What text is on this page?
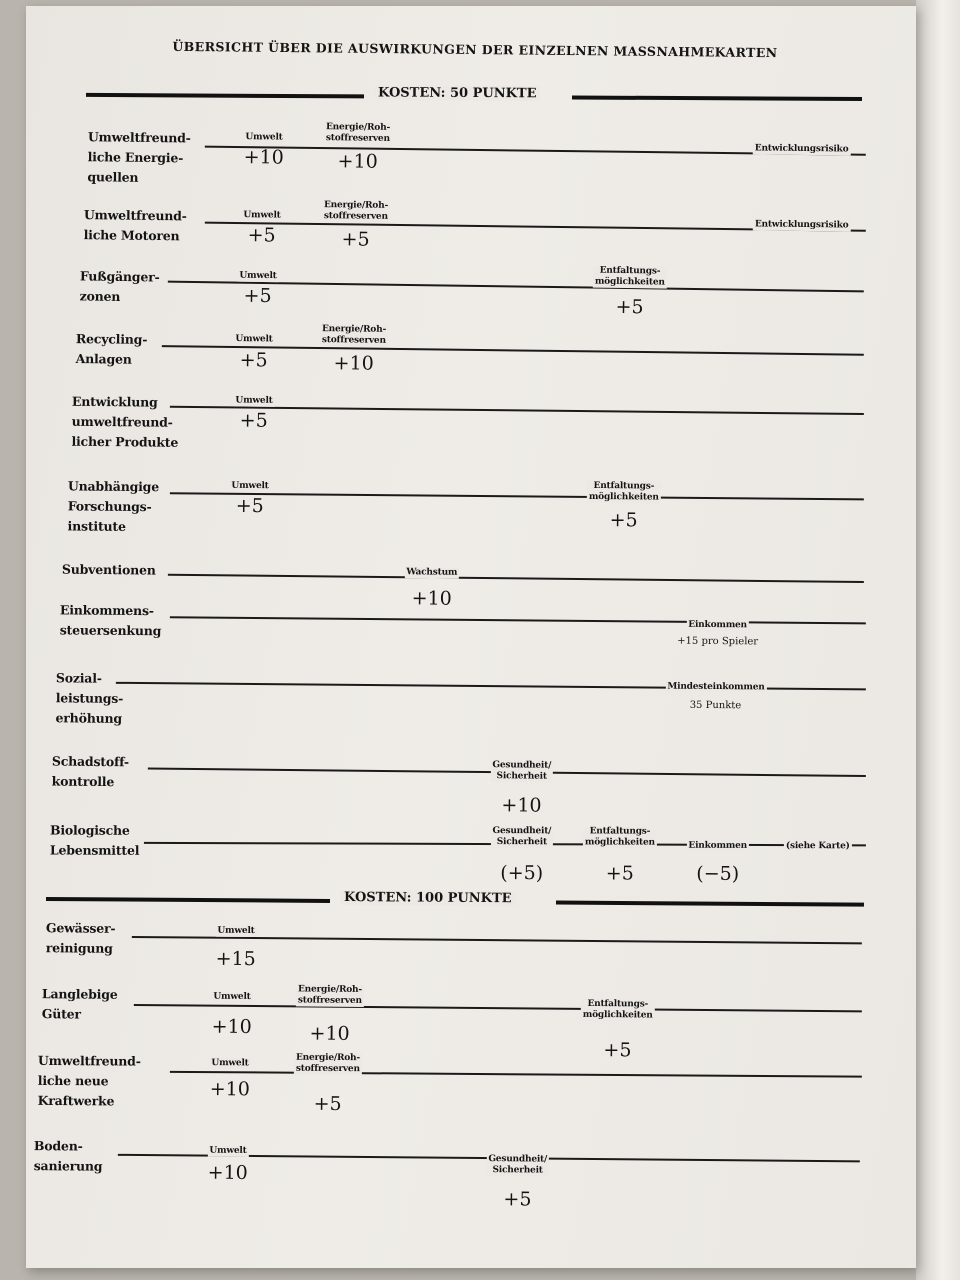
ÜBERSICHT ÜBER DIE AUSWIRKUNGEN DER EINZELNEN MASSNAHMEKARTEN
KOSTEN: 50 PUNKTE
KOSTEN: 100 PUNKTE
Umweltfreund-
liche Energie-
quellen
Umwelt
+10
Energie/Roh-
stoffreserven
+10
Entwicklungsrisiko
Umweltfreund-
liche Motoren
Umwelt
+5
Energie/Roh-
stoffreserven
+5
Entwicklungsrisiko
Fußgänger-
zonen
Umwelt
+5
Entfaltungs-
möglichkeiten
+5
Recycling-
Anlagen
Umwelt
+5
Energie/Roh-
stoffreserven
+10
Entwicklung
umweltfreund-
licher Produkte
Umwelt
+5
Unabhängige
Forschungs-
institute
Umwelt
+5
Entfaltungs-
möglichkeiten
+5
Subventionen	Wachstum
+10
Einkommens-
steuersenkung	Einkommen
+15 pro Spieler
Sozial-
leistungs-
erhöhung
Mindesteinkommen
35 Punkte
Schadstoff-
kontrolle
Gesundheit/
Sicherheit
+10
Biologische
Lebensmittel
Gesundheit/
Sicherheit
(+5)
Entfaltungs-
möglichkeiten
+5
Einkommen
(−5)
(siehe Karte)
Gewässer-
reinigung
Umwelt
+15
Langlebige
Güter
Umwelt
+10
Energie/Roh-
stoffreserven
+10
Entfaltungs-
möglichkeiten
+5
Umweltfreund-
liche neue
Kraftwerke
Umwelt
+10
Energie/Roh-
stoffreserven
+5
Boden-
sanierung
Umwelt
+10
Gesundheit/
Sicherheit
+5
